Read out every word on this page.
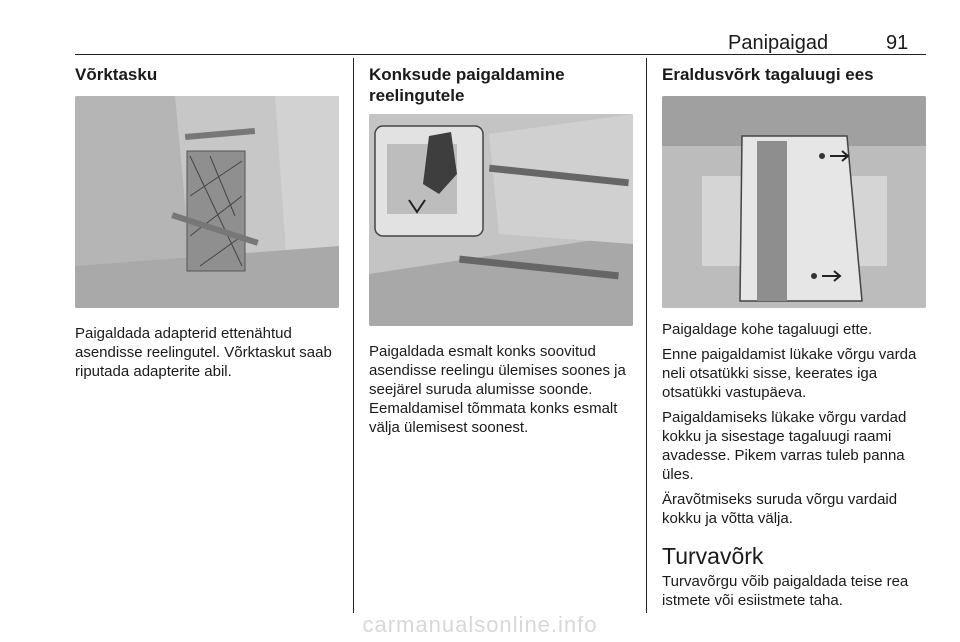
Panipaigad	91
Võrktasku

Paigaldada adapterid ettenähtud asendisse reelingutel. Võrktaskut saab riputada adapterite abil.

Konksude paigaldamine reelingutele

Paigaldada esmalt konks soovitud asendisse reelingu ülemises soones ja seejärel suruda alumisse soonde. Eemaldamisel tõmmata konks esmalt välja ülemisest soonest.

Eraldusvõrk tagaluugi ees

Paigaldage kohe tagaluugi ette.

Enne paigaldamist lükake võrgu varda neli otsatükki sisse, keerates iga otsatükki vastupäeva.

Paigaldamiseks lükake võrgu vardad kokku ja sisestage tagaluugi raami avadesse. Pikem varras tuleb panna üles.

Äravõtmiseks suruda võrgu vardaid kokku ja võtta välja.

Turvavõrk

Turvavõrgu võib paigaldada teise rea istmete või esiistmete taha.

carmanualsonline.info
